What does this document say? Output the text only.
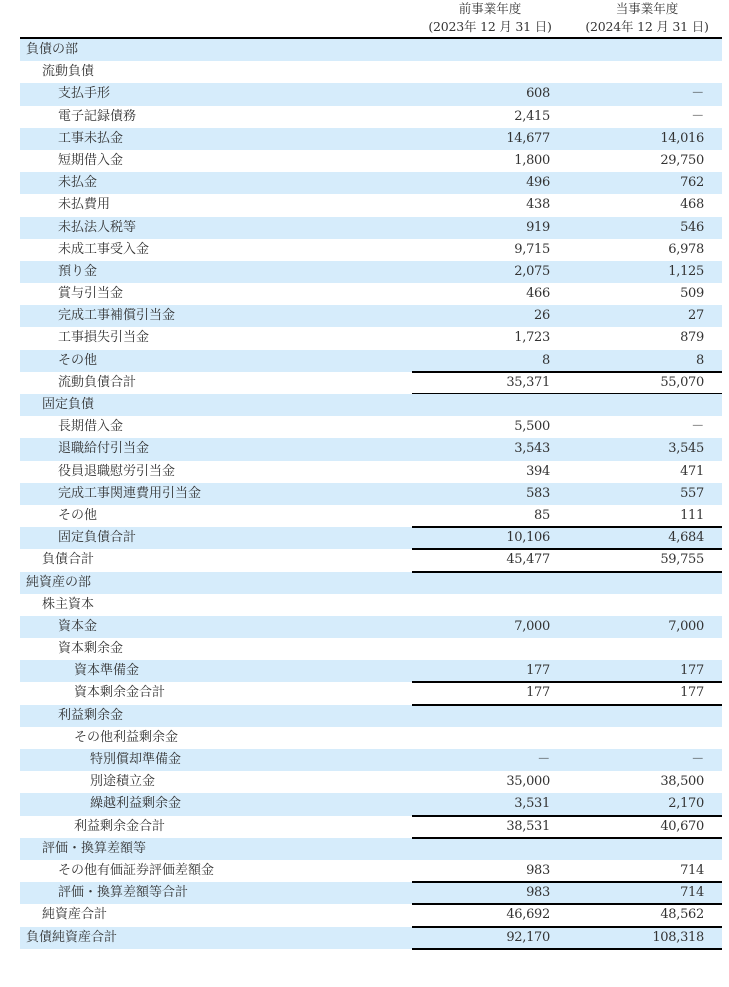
前事業年度
(2023年 12 月 31 日)
当事業年度
(2024年 12 月 31 日)
負債の部
流動負債
支払手形	608	－
電子記録債務	2,415	－
工事未払金	14,677	14,016
短期借入金	1,800	29,750
未払金	496	762
未払費用	438	468
未払法人税等	919	546
未成工事受入金	9,715	6,978
預り金	2,075	1,125
賞与引当金	466	509
完成工事補償引当金	26	27
工事損失引当金	1,723	879
その他	8	8
流動負債合計	35,371	55,070
固定負債
長期借入金	5,500	－
退職給付引当金	3,543	3,545
役員退職慰労引当金	394	471
完成工事関連費用引当金	583	557
その他	85	111
固定負債合計	10,106	4,684
負債合計	45,477	59,755
純資産の部
株主資本
資本金	7,000	7,000
資本剰余金
資本準備金	177	177
資本剰余金合計	177	177
利益剰余金
その他利益剰余金
特別償却準備金	－	－
別途積立金	35,000	38,500
繰越利益剰余金	3,531	2,170
利益剰余金合計	38,531	40,670
評価・換算差額等
その他有価証券評価差額金	983	714
評価・換算差額等合計	983	714
純資産合計	46,692	48,562
負債純資産合計	92,170	108,318
